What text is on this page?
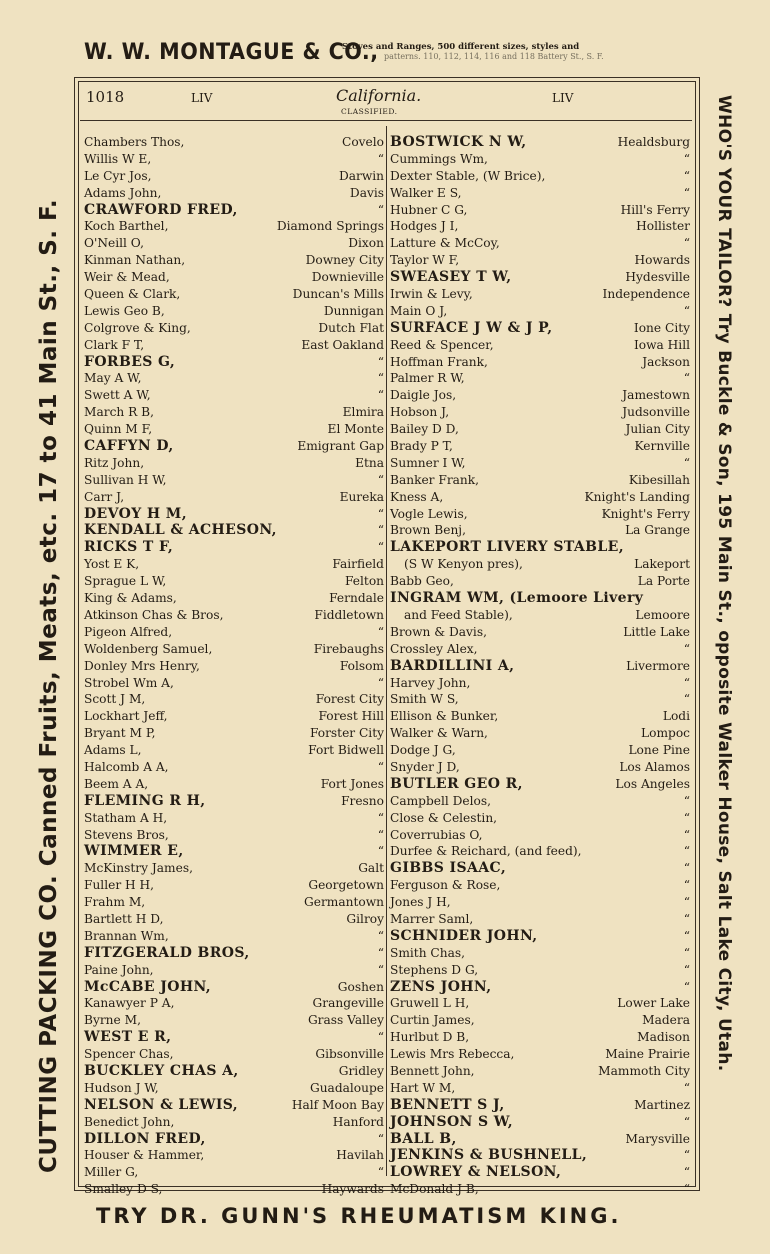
W. W. MONTAGUE & CO.,
Stoves and Ranges, 500 different sizes, styles and
patterns. 110, 112, 114, 116 and 118 Battery St., S. F.
CUTTING PACKING CO. Canned Fruits, Meats, etc. 17 to 41 Main St., S. F.	WHO'S YOUR TAILOR? Try Buckle & Son, 195 Main St., opposite Walker House, Salt Lake City, Utah.
1018	LIV	California.
CLASSIFIED.
LIV
Chambers Thos,	Covelo
Willis W E,	“
Le Cyr Jos,	Darwin
Adams John,	Davis
CRAWFORD FRED,	“
Koch Barthel,	Diamond Springs
O'Neill O,	Dixon
Kinman Nathan,	Downey City
Weir & Mead,	Downieville
Queen & Clark,	Duncan's Mills
Lewis Geo B,	Dunnigan
Colgrove & King,	Dutch Flat
Clark F T,	East Oakland
FORBES G,	“
May A W,	“
Swett A W,	“
March R B,	Elmira
Quinn M F,	El Monte
CAFFYN D,	Emigrant Gap
Ritz John,	Etna
Sullivan H W,	“
Carr J,	Eureka
DEVOY H M,	“
KENDALL & ACHESON,	“
RICKS T F,	“
Yost E K,	Fairfield
Sprague L W,	Felton
King & Adams,	Ferndale
Atkinson Chas & Bros,	Fiddletown
Pigeon Alfred,	“
Woldenberg Samuel,	Firebaughs
Donley Mrs Henry,	Folsom
Strobel Wm A,	“
Scott J M,	Forest City
Lockhart Jeff,	Forest Hill
Bryant M P,	Forster City
Adams L,	Fort Bidwell
Halcomb A A,	“
Beem A A,	Fort Jones
FLEMING R H,	Fresno
Statham A H,	“
Stevens Bros,	“
WIMMER E,	“
McKinstry James,	Galt
Fuller H H,	Georgetown
Frahm M,	Germantown
Bartlett H D,	Gilroy
Brannan Wm,	“
FITZGERALD BROS,	“
Paine John,	“
McCABE JOHN,	Goshen
Kanawyer P A,	Grangeville
Byrne M,	Grass Valley
WEST E R,	“
Spencer Chas,	Gibsonville
BUCKLEY CHAS A,	Gridley
Hudson J W,	Guadaloupe
NELSON & LEWIS,	Half Moon Bay
Benedict John,	Hanford
DILLON FRED,	“
Houser & Hammer,	Havilah
Miller G,	“
Smalley D S,	Haywards
BOSTWICK N W,	Healdsburg
Cummings Wm,	“
Dexter Stable, (W Brice),	“
Walker E S,	“
Hubner C G,	Hill's Ferry
Hodges J I,	Hollister
Latture & McCoy,	“
Taylor W F,	Howards
SWEASEY T W,	Hydesville
Irwin & Levy,	Independence
Main O J,	“
SURFACE J W & J P,	Ione City
Reed & Spencer,	Iowa Hill
Hoffman Frank,	Jackson
Palmer R W,	“
Daigle Jos,	Jamestown
Hobson J,	Judsonville
Bailey D D,	Julian City
Brady P T,	Kernville
Sumner I W,	“
Banker Frank,	Kibesillah
Kness A,	Knight's Landing
Vogle Lewis,	Knight's Ferry
Brown Benj,	La Grange
LAKEPORT LIVERY STABLE,
(S W Kenyon pres),	Lakeport
Babb Geo,	La Porte
INGRAM WM, (Lemoore Livery
and Feed Stable),	Lemoore
Brown & Davis,	Little Lake
Crossley Alex,	“
BARDILLINI A,	Livermore
Harvey John,	“
Smith W S,	“
Ellison & Bunker,	Lodi
Walker & Warn,	Lompoc
Dodge J G,	Lone Pine
Snyder J D,	Los Alamos
BUTLER GEO R,	Los Angeles
Campbell Delos,	“
Close & Celestin,	“
Coverrubias O,	“
Durfee & Reichard, (and feed),	“
GIBBS ISAAC,	“
Ferguson & Rose,	“
Jones J H,	“
Marrer Saml,	“
SCHNIDER JOHN,	“
Smith Chas,	“
Stephens D G,	“
ZENS JOHN,	“
Gruwell L H,	Lower Lake
Curtin James,	Madera
Hurlbut D B,	Madison
Lewis Mrs Rebecca,	Maine Prairie
Bennett John,	Mammoth City
Hart W M,	“
BENNETT S J,	Martinez
JOHNSON S W,	“
BALL B,	Marysville
JENKINS & BUSHNELL,	“
LOWREY & NELSON,	“
McDonald J B,	“
TRY DR. GUNN'S RHEUMATISM KING.
